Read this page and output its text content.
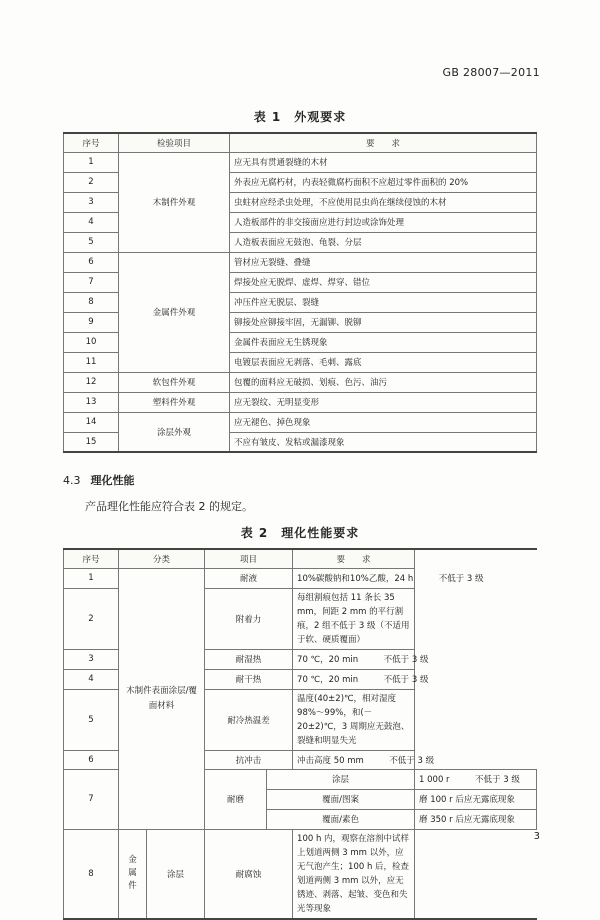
GB 28007—2011
表 1　外观要求
序号	检验项目	要　　求
1	木制件外观	应无具有贯通裂缝的木材
2		外表应无腐朽材，内表轻微腐朽面积不应超过零件面积的 20%
3		虫蛀材应经杀虫处理，不应使用昆虫尚在继续侵蚀的木材
4		人造板部件的非交接面应进行封边或涂饰处理
5		人造板表面应无鼓泡、龟裂、分层
6	金属件外观	管材应无裂缝、叠缝
7		焊接处应无脱焊、虚焊、焊穿、错位
8		冲压件应无脱层、裂缝
9		铆接处应铆接牢固，无漏铆、脱铆
10		金属件表面应无生锈现象
11		电镀层表面应无剥落、毛刺、露底
12	软包件外观	包覆的面料应无破损、划痕、色污、油污
13	塑料件外观	应无裂纹、无明显变形
14	涂层外观	应无褪色、掉色现象
15		不应有皱皮、发粘或漏漆现象
4.3 理化性能
产品理化性能应符合表 2 的规定。
表 2　理化性能要求
序号	分类		项目		要　　求	
1	木制件表面涂层/覆面材料		耐液		10%碳酸钠和10%乙酸，24 h　　　不低于 3 级	
2			附着力		每组割痕包括 11 条长 35 mm，间距 2 mm 的平行割痕，2 组不低于 3 级（不适用于软、硬质覆面）	
3			耐湿热		70 ℃，20 min　　　不低于 3 级	
4			耐干热		70 ℃，20 min　　　不低于 3 级	
5			耐冷热温差		温度(40±2)℃，相对湿度 98%～99%，和(－20±2)℃，3 周期应无鼓泡、裂缝和明显失光	
6			抗冲击		冲击高度 50 mm　　　不低于 3 级	
7			耐磨	涂层		1 000 r　　　不低于 3 级
				覆面/图案		磨 100 r 后应无露底现象
				覆面/素色		磨 350 r 后应无露底现象
8	金属件	涂层	耐腐蚀		100 h 内，观察在溶剂中试样上划道两侧 3 mm 以外，应无气泡产生；100 h 后，检查划道两侧 3 mm 以外，应无锈迹、剥落、起皱、变色和失光等现象	
3
